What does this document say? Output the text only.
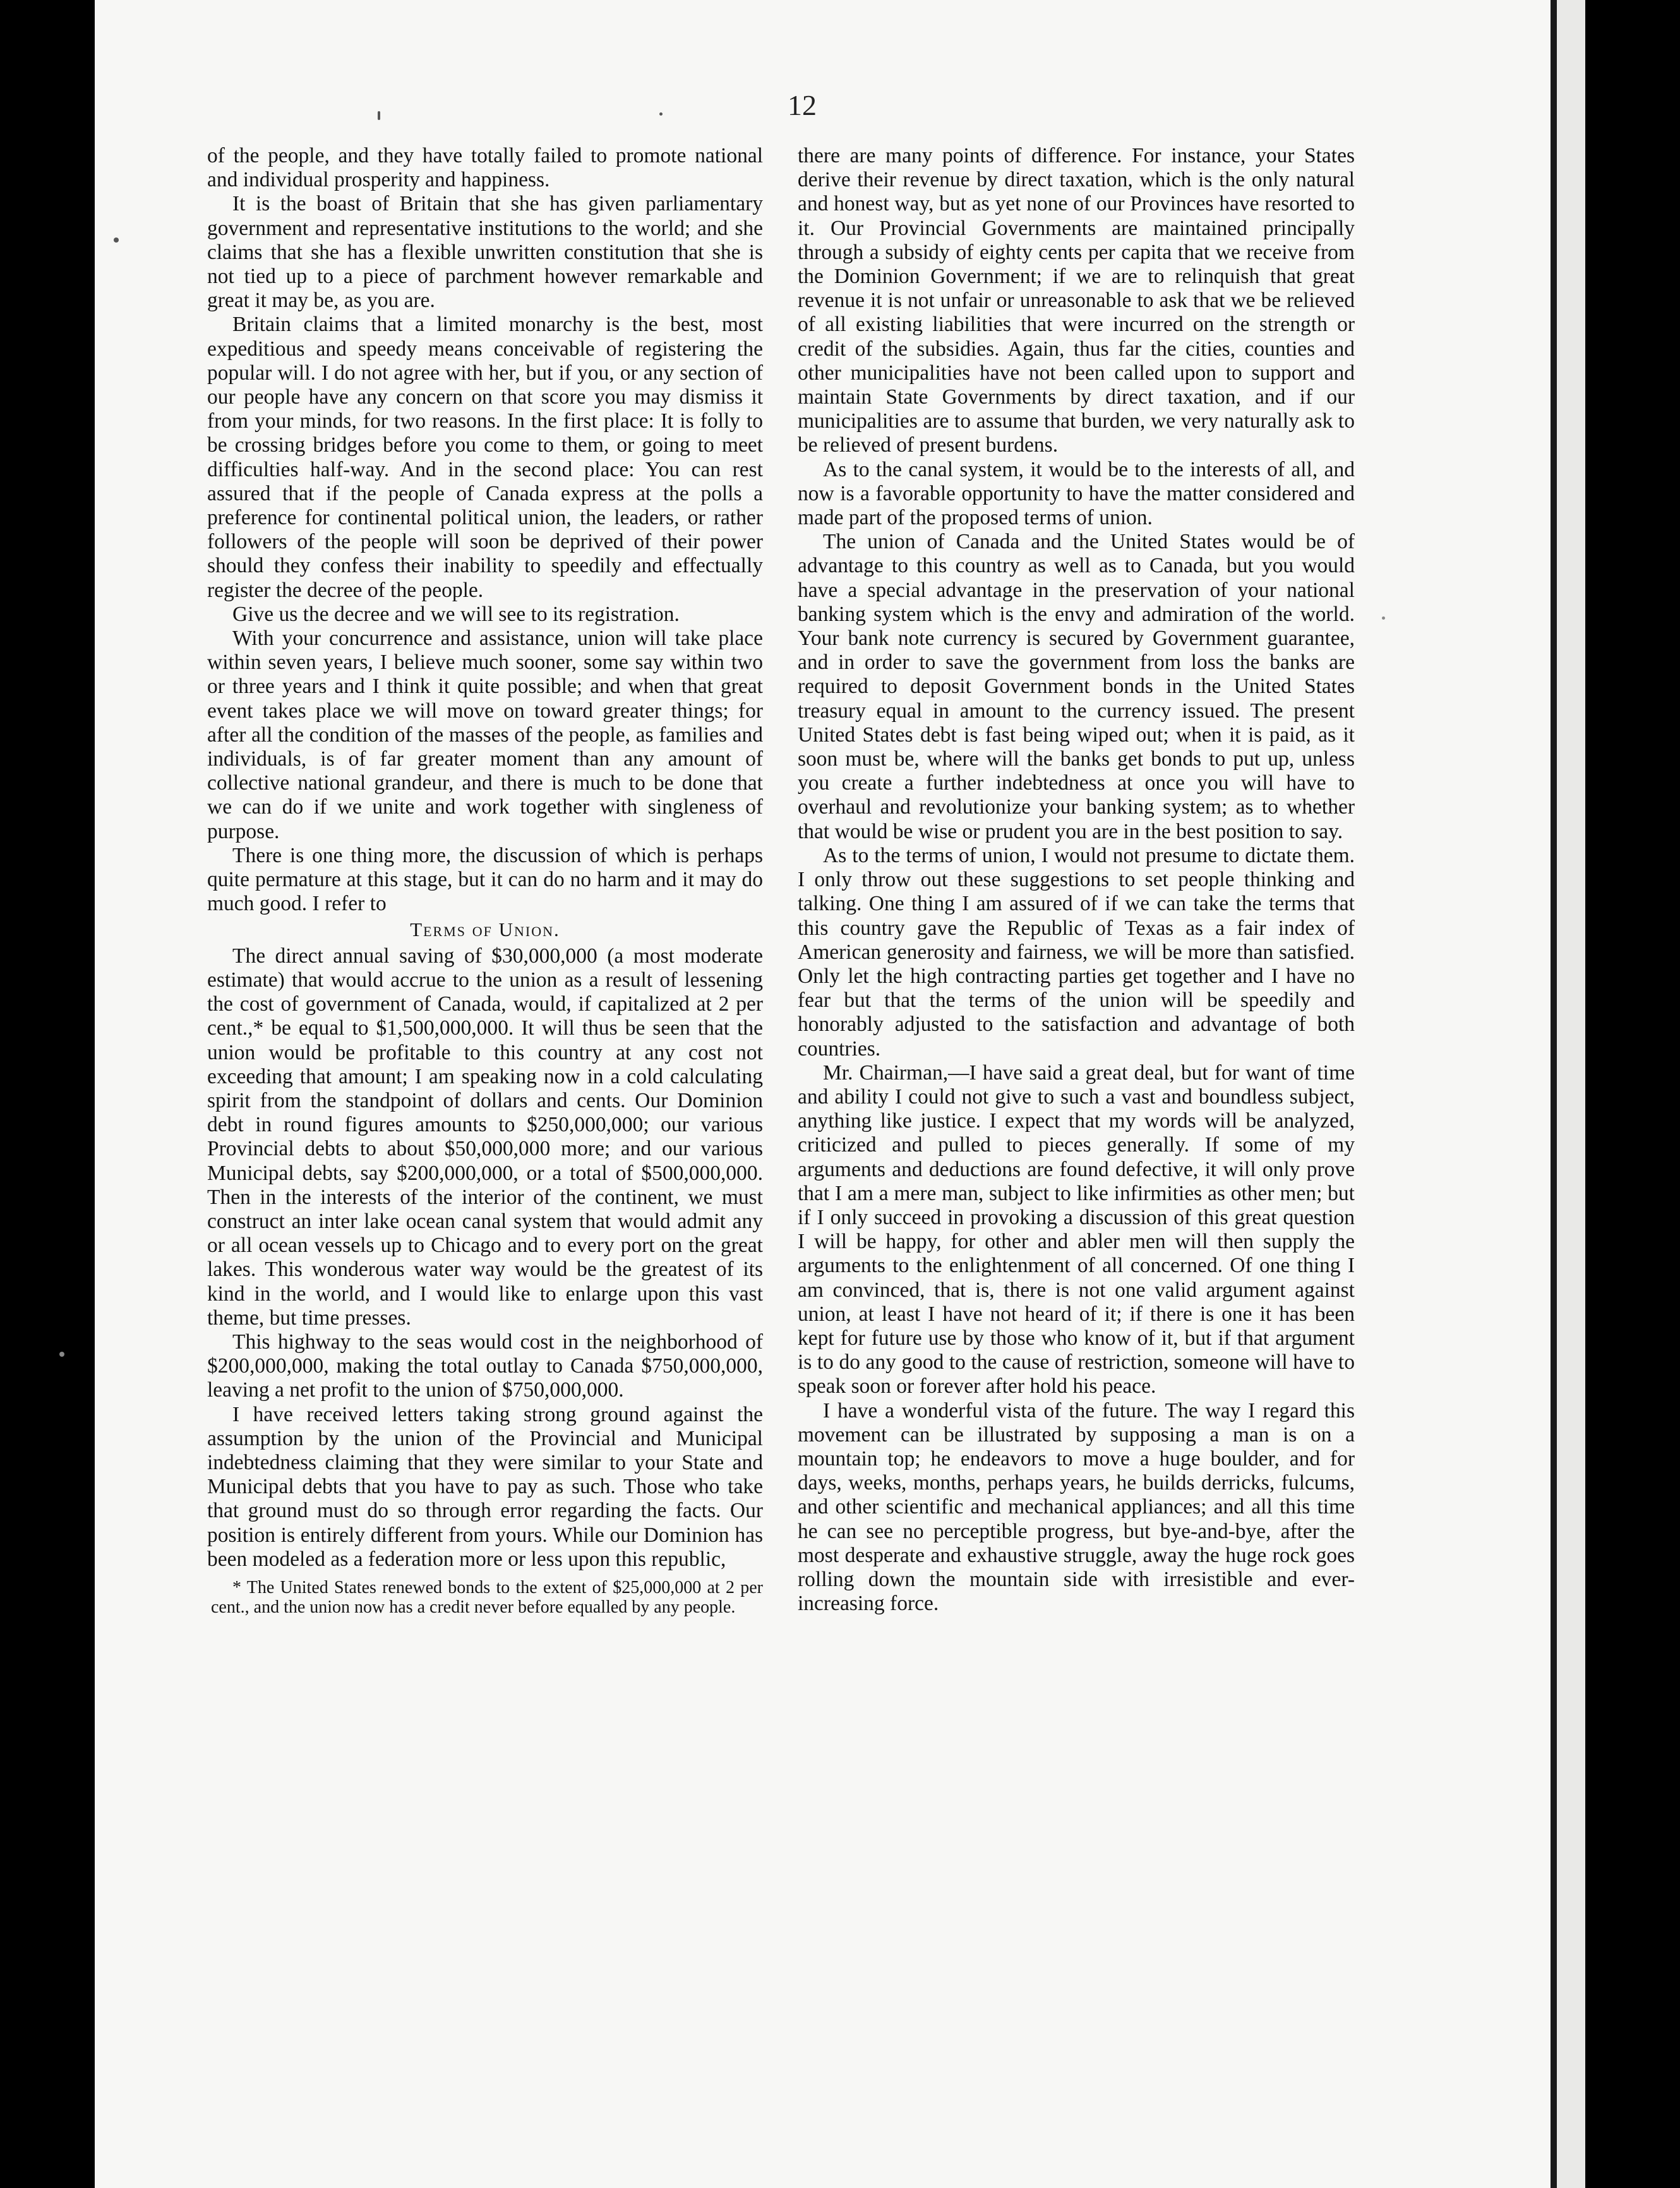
12

of the people, and they have totally failed to promote national and individual prosperity and happiness.

It is the boast of Britain that she has given parliamentary government and representative institutions to the world; and she claims that she has a flexible unwritten constitution that she is not tied up to a piece of parchment however remarkable and great it may be, as you are.

Britain claims that a limited monarchy is the best, most expeditious and speedy means conceivable of registering the popular will. I do not agree with her, but if you, or any section of our people have any concern on that score you may dismiss it from your minds, for two reasons. In the first place: It is folly to be crossing bridges before you come to them, or going to meet difficulties half-way. And in the second place: You can rest assured that if the people of Canada express at the polls a preference for continental political union, the leaders, or rather followers of the people will soon be deprived of their power should they confess their inability to speedily and effectually register the decree of the people.

Give us the decree and we will see to its registration.

With your concurrence and assistance, union will take place within seven years, I believe much sooner, some say within two or three years and I think it quite possible; and when that great event takes place we will move on toward greater things; for after all the condition of the masses of the people, as families and individuals, is of far greater moment than any amount of collective national grandeur, and there is much to be done that we can do if we unite and work together with singleness of purpose.

There is one thing more, the discussion of which is perhaps quite permature at this stage, but it can do no harm and it may do much good. I refer to

Terms of Union.

The direct annual saving of $30,000,000 (a most moderate estimate) that would accrue to the union as a result of lessening the cost of government of Canada, would, if capitalized at 2 per cent.,* be equal to $1,500,000,000. It will thus be seen that the union would be profitable to this country at any cost not exceeding that amount; I am speaking now in a cold calculating spirit from the standpoint of dollars and cents. Our Dominion debt in round figures amounts to $250,000,000; our various Provincial debts to about $50,000,000 more; and our various Municipal debts, say $200,000,000, or a total of $500,000,000. Then in the interests of the interior of the continent, we must construct an inter lake ocean canal system that would admit any or all ocean vessels up to Chicago and to every port on the great lakes. This wonderous water way would be the greatest of its kind in the world, and I would like to enlarge upon this vast theme, but time presses.

This highway to the seas would cost in the neighborhood of $200,000,000, making the total outlay to Canada $750,000,000, leaving a net profit to the union of $750,000,000.

I have received letters taking strong ground against the assumption by the union of the Provincial and Municipal indebtedness claiming that they were similar to your State and Municipal debts that you have to pay as such. Those who take that ground must do so through error regarding the facts. Our position is entirely different from yours. While our Dominion has been modeled as a federation more or less upon this republic,

* The United States renewed bonds to the extent of $25,000,000 at 2 per cent., and the union now has a credit never before equalled by any people.

there are many points of difference. For instance, your States derive their revenue by direct taxation, which is the only natural and honest way, but as yet none of our Provinces have resorted to it. Our Provincial Governments are maintained principally through a subsidy of eighty cents per capita that we receive from the Dominion Government; if we are to relinquish that great revenue it is not unfair or unreasonable to ask that we be relieved of all existing liabilities that were incurred on the strength or credit of the subsidies. Again, thus far the cities, counties and other municipalities have not been called upon to support and maintain State Governments by direct taxation, and if our municipalities are to assume that burden, we very naturally ask to be relieved of present burdens.

As to the canal system, it would be to the interests of all, and now is a favorable opportunity to have the matter considered and made part of the proposed terms of union.

The union of Canada and the United States would be of advantage to this country as well as to Canada, but you would have a special advantage in the preservation of your national banking system which is the envy and admiration of the world. Your bank note currency is secured by Government guarantee, and in order to save the government from loss the banks are required to deposit Government bonds in the United States treasury equal in amount to the currency issued. The present United States debt is fast being wiped out; when it is paid, as it soon must be, where will the banks get bonds to put up, unless you create a further indebtedness at once you will have to overhaul and revolutionize your banking system; as to whether that would be wise or prudent you are in the best position to say.

As to the terms of union, I would not presume to dictate them. I only throw out these suggestions to set people thinking and talking. One thing I am assured of if we can take the terms that this country gave the Republic of Texas as a fair index of American generosity and fairness, we will be more than satisfied. Only let the high contracting parties get together and I have no fear but that the terms of the union will be speedily and honorably adjusted to the satisfaction and advantage of both countries.

Mr. Chairman,—I have said a great deal, but for want of time and ability I could not give to such a vast and boundless subject, anything like justice. I expect that my words will be analyzed, criticized and pulled to pieces generally. If some of my arguments and deductions are found defective, it will only prove that I am a mere man, subject to like infirmities as other men; but if I only succeed in provoking a discussion of this great question I will be happy, for other and abler men will then supply the arguments to the enlightenment of all concerned. Of one thing I am convinced, that is, there is not one valid argument against union, at least I have not heard of it; if there is one it has been kept for future use by those who know of it, but if that argument is to do any good to the cause of restriction, someone will have to speak soon or forever after hold his peace.

I have a wonderful vista of the future. The way I regard this movement can be illustrated by supposing a man is on a mountain top; he endeavors to move a huge boulder, and for days, weeks, months, perhaps years, he builds derricks, fulcums, and other scientific and mechanical appliances; and all this time he can see no perceptible progress, but bye-and-bye, after the most desperate and exhaustive struggle, away the huge rock goes rolling down the mountain side with irresistible and ever-increasing force.
